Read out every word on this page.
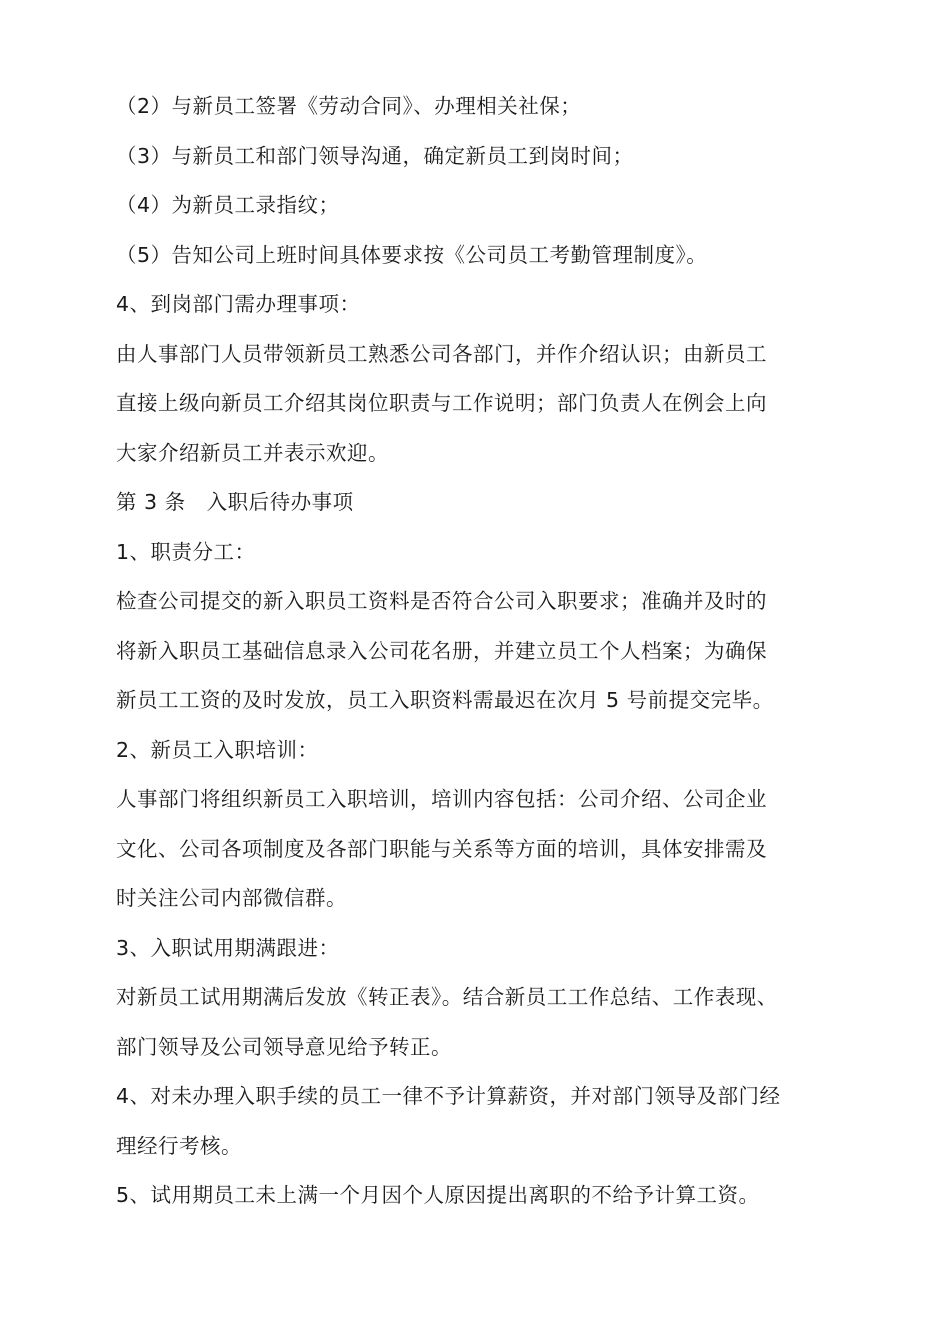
（2）与新员工签署《劳动合同》、办理相关社保；
（3）与新员工和部门领导沟通，确定新员工到岗时间；
（4）为新员工录指纹；
（5）告知公司上班时间具体要求按《公司员工考勤管理制度》。
4、到岗部门需办理事项：
由人事部门人员带领新员工熟悉公司各部门，并作介绍认识；由新员工
直接上级向新员工介绍其岗位职责与工作说明；部门负责人在例会上向
大家介绍新员工并表示欢迎。
第 3 条　入职后待办事项
1、职责分工：
检查公司提交的新入职员工资料是否符合公司入职要求；准确并及时的
将新入职员工基础信息录入公司花名册，并建立员工个人档案；为确保
新员工工资的及时发放，员工入职资料需最迟在次月 5 号前提交完毕。
2、新员工入职培训：
人事部门将组织新员工入职培训，培训内容包括：公司介绍、公司企业
文化、公司各项制度及各部门职能与关系等方面的培训，具体安排需及
时关注公司内部微信群。
3、入职试用期满跟进：
对新员工试用期满后发放《转正表》。结合新员工工作总结、工作表现、
部门领导及公司领导意见给予转正。
4、对未办理入职手续的员工一律不予计算薪资，并对部门领导及部门经
理经行考核。
5、试用期员工未上满一个月因个人原因提出离职的不给予计算工资。
